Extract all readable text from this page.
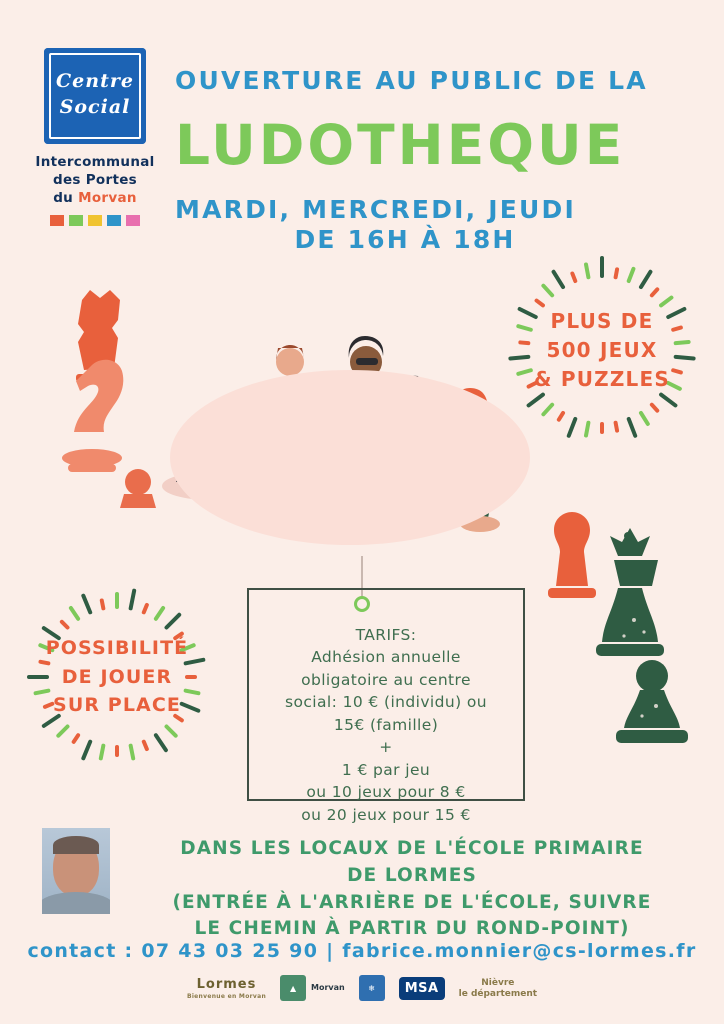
Centre
Social
Intercommunal
des Portes
du Morvan
OUVERTURE AU PUBLIC DE LA
LUDOTHEQUE
MARDI, MERCREDI, JEUDI
DE 16H À 18H
PLUS DE
500 JEUX
& PUZZLES
POSSIBILITÉ
DE JOUER
SUR PLACE
TARIFS:
Adhésion annuelle
obligatoire au centre
social: 10 € (individu) ou
15€ (famille)
+
1 € par jeu
ou 10 jeux pour 8 €
ou 20 jeux pour 15 €
DANS LES LOCAUX DE L'ÉCOLE PRIMAIRE
DE LORMES
(ENTRÉE À L'ARRIÈRE DE L'ÉCOLE, SUIVRE
LE CHEMIN À PARTIR DU ROND-POINT)
contact : 07 43 03 25 90 | fabrice.monnier@cs-lormes.fr
Lormes
Bienvenue en Morvan
▲	Morvan	❄	MSA	Nièvre
le département
